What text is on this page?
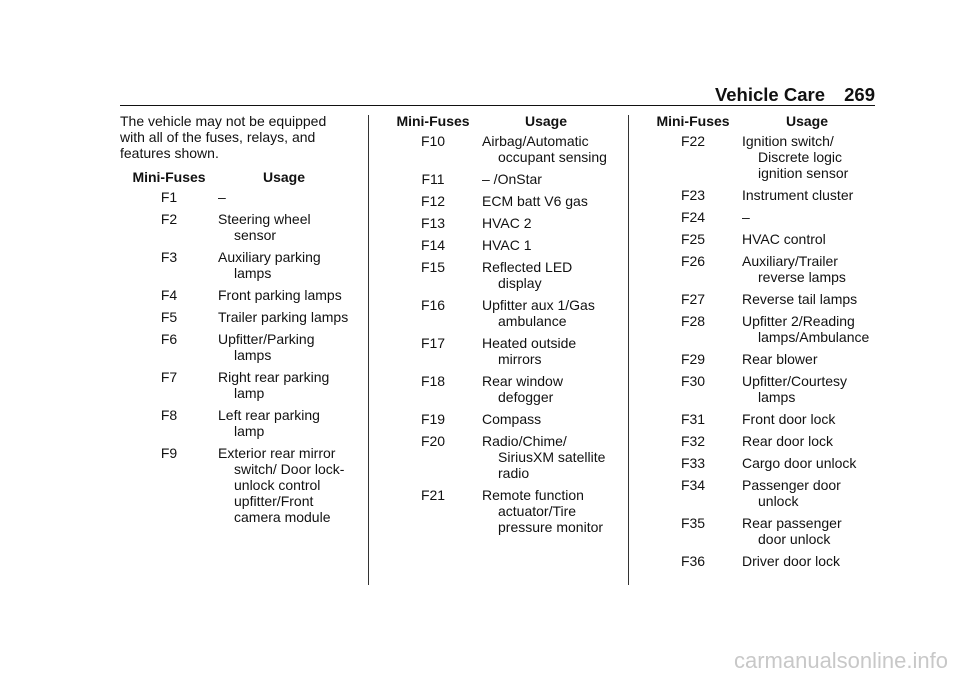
Vehicle Care 269

The vehicle may not be equipped with all of the fuses, relays, and features shown.

Mini-Fuses	Usage
F1	–
F2	Steering wheel sensor
F3	Auxiliary parking lamps
F4	Front parking lamps
F5	Trailer parking lamps
F6	Upfitter/Parking lamps
F7	Right rear parking lamp
F8	Left rear parking lamp
F9	Exterior rear mirror switch/ Door lock-unlock control upfitter/Front camera module
Mini-Fuses	Usage
F10	Airbag/Automatic occupant sensing
F11	– /OnStar
F12	ECM batt V6 gas
F13	HVAC 2
F14	HVAC 1
F15	Reflected LED display
F16	Upfitter aux 1/Gas ambulance
F17	Heated outside mirrors
F18	Rear window defogger
F19	Compass
F20	Radio/Chime/ SiriusXM satellite radio
F21	Remote function actuator/Tire pressure monitor
Mini-Fuses	Usage
F22	Ignition switch/ Discrete logic ignition sensor
F23	Instrument cluster
F24	–
F25	HVAC control
F26	Auxiliary/Trailer reverse lamps
F27	Reverse tail lamps
F28	Upfitter 2/Reading lamps/Ambulance
F29	Rear blower
F30	Upfitter/Courtesy lamps
F31	Front door lock
F32	Rear door lock
F33	Cargo door unlock
F34	Passenger door unlock
F35	Rear passenger door unlock
F36	Driver door lock
carmanualsonline.info
